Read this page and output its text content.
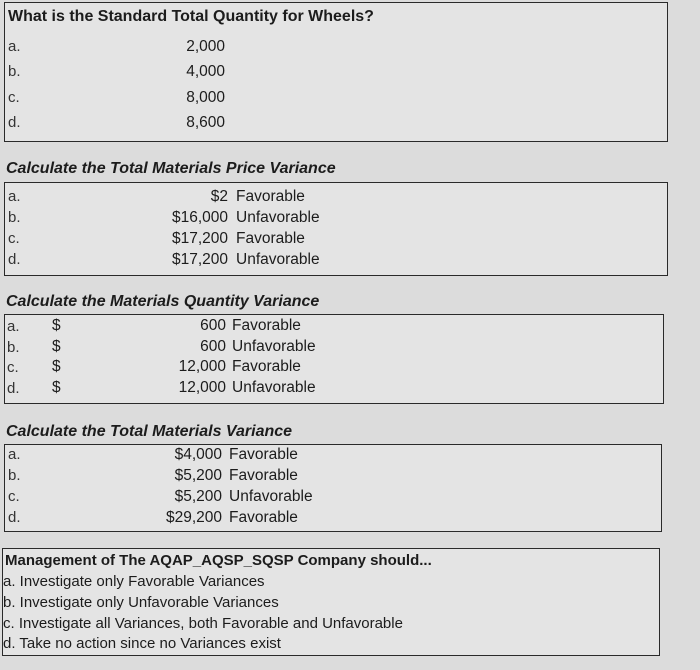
What is the Standard Total Quantity for Wheels?
a.	2,000
b.	4,000
c.	8,000
d.	8,600
Calculate the Total Materials Price Variance
a.	$2 Favorable
b.	$16,000 Unfavorable
c.	$17,200 Favorable
d.	$17,200 Unfavorable
Calculate the Materials Quantity Variance
a. $	600 Favorable
b. $	600 Unfavorable
c. $	12,000 Favorable
d. $	12,000 Unfavorable
Calculate the Total Materials Variance
a.	$4,000 Favorable
b.	$5,200 Favorable
c.	$5,200 Unfavorable
d.	$29,200 Favorable
Management of The AQAP_AQSP_SQSP Company should...
a. Investigate only Favorable Variances
b. Investigate only Unfavorable Variances
c. Investigate all Variances, both Favorable and Unfavorable
d. Take no action since no Variances exist
